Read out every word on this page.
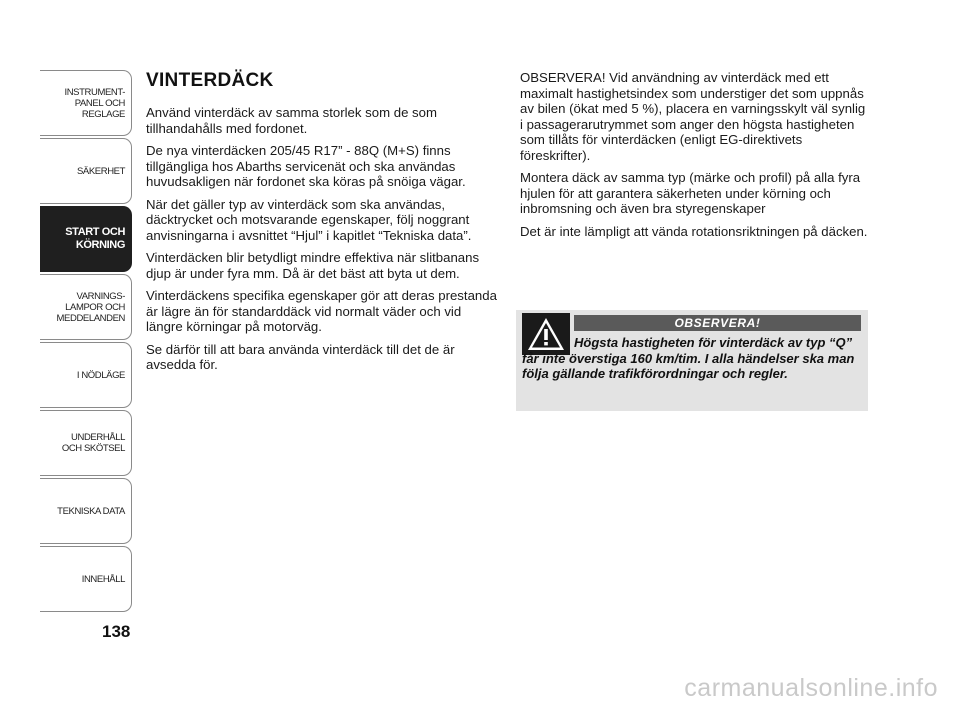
INSTRUMENT-
PANEL OCH
REGLAGE
SÄKERHET
START OCH
KÖRNING
VARNINGS-
LAMPOR OCH
MEDDELANDEN
I NÖDLÄGE
UNDERHÅLL
OCH SKÖTSEL
TEKNISKA DATA
INNEHÅLL
138
VINTERDÄCK

Använd vinterdäck av samma storlek som de som tillhandahålls med fordonet.

De nya vinterdäcken 205/45 R17” - 88Q (M+S) finns tillgängliga hos Abarths servicenät och ska användas huvudsakligen när fordonet ska köras på snöiga vägar.

När det gäller typ av vinterdäck som ska användas, däcktrycket och motsvarande egenskaper, följ noggrant anvisningarna i avsnittet “Hjul” i kapitlet “Tekniska data”.

Vinterdäcken blir betydligt mindre effektiva när slitbanans djup är under fyra mm. Då är det bäst att byta ut dem.

Vinterdäckens specifika egenskaper gör att deras prestanda är lägre än för standarddäck vid normalt väder och vid längre körningar på motorväg.

Se därför till att bara använda vinterdäck till det de är avsedda för.

OBSERVERA! Vid användning av vinterdäck med ett maximalt hastighetsindex som understiger det som uppnås av bilen (ökat med 5 %), placera en varningsskylt väl synlig i passagerarutrymmet som anger den högsta hastigheten som tillåts för vinterdäcken (enligt EG-direktivets föreskrifter).

Montera däck av samma typ (märke och profil) på alla fyra hjulen för att garantera säkerheten under körning och inbromsning och även bra styregenskaper

Det är inte lämpligt att vända rotationsriktningen på däcken.

OBSERVERA!
Högsta hastigheten för vinterdäck av typ “Q” får inte överstiga 160 km/tim. I alla händelser ska man följa gällande trafikförordningar och regler.
carmanualsonline.info
